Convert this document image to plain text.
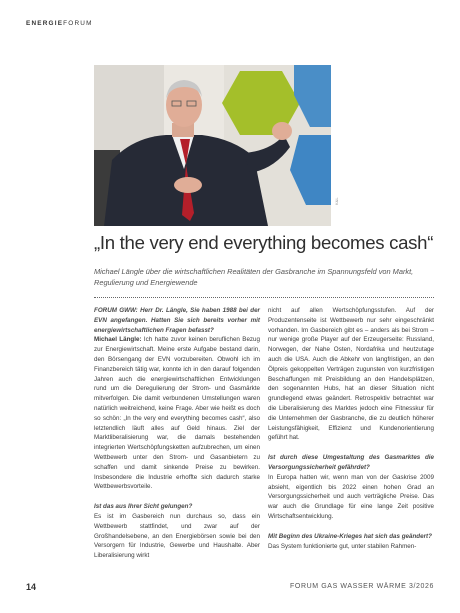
ENERGIEFORUM
K&L
„In the very end everything becomes cash“

Michael Längle über die wirtschaftlichen Realitäten der Gasbranche im Spannungsfeld von Markt, Regulierung und Energiewende

FORUM GWW: Herr Dr. Längle, Sie haben 1988 bei der EVN angefangen. Hatten Sie sich bereits vorher mit energiewirtschaftlichen Fragen befasst?

Michael Längle: Ich hatte zuvor keinen beruflichen Bezug zur Energiewirtschaft. Meine erste Aufgabe bestand darin, den Börsengang der EVN vorzubereiten. Obwohl ich im Finanzbereich tätig war, konnte ich in den darauf folgenden Jahren auch die energiewirtschaftlichen Entwicklungen rund um die Deregulierung der Strom- und Gasmärkte mitverfolgen. Die damit verbundenen Umstellungen waren natürlich weitreichend, keine Frage. Aber wie heißt es doch so schön: „In the very end everything becomes cash“, also letztendlich läuft alles auf Geld hinaus. Ziel der Marktliberalisierung war, die damals bestehenden integrierten Wertschöpfungsketten aufzubrechen, um einen Wettbewerb unter den Strom- und Gasanbietern zu schaffen und damit sinkende Preise zu bewirken. Insbesondere die Industrie erhoffte sich dadurch starke Wettbewerbsvorteile.

Ist das aus Ihrer Sicht gelungen?

Es ist im Gasbereich nun durchaus so, dass ein Wettbewerb stattfindet, und zwar auf der Großhandelsebene, an den Energiebörsen sowie bei den Versorgern für Industrie, Gewerbe und Haushalte. Aber Liberalisierung wirkt

nicht auf allen Wertschöpfungsstufen. Auf der Produzentenseite ist Wettbewerb nur sehr eingeschränkt vorhanden. Im Gasbereich gibt es – anders als bei Strom – nur wenige große Player auf der Erzeugerseite: Russland, Norwegen, der Nahe Osten, Nordafrika und heutzutage auch die USA. Auch die Abkehr von langfristigen, an den Ölpreis gekoppelten Verträgen zugunsten von kurzfristigen Beschaffungen mit Preisbildung an den Handelsplätzen, den sogenannten Hubs, hat an dieser Situation nicht grundlegend etwas geändert. Retrospektiv betrachtet war die Liberalisierung des Marktes jedoch eine Fitnesskur für die Unternehmen der Gasbranche, die zu deutlich höherer Leistungsfähigkeit, Effizienz und Kundenorientierung geführt hat.

Ist durch diese Umgestaltung des Gasmarktes die Versorgungssicherheit gefährdet?

In Europa hatten wir, wenn man von der Gaskrise 2009 absieht, eigentlich bis 2022 einen hohen Grad an Versorgungssicherheit und auch verträgliche Preise. Das war auch die Grundlage für eine lange Zeit positive Wirtschaftsentwicklung.

Mit Beginn des Ukraine-Krieges hat sich das geändert?

Das System funktionierte gut, unter stabilen Rahmen-

14	FORUM GAS WASSER WÄRME 3/2026
